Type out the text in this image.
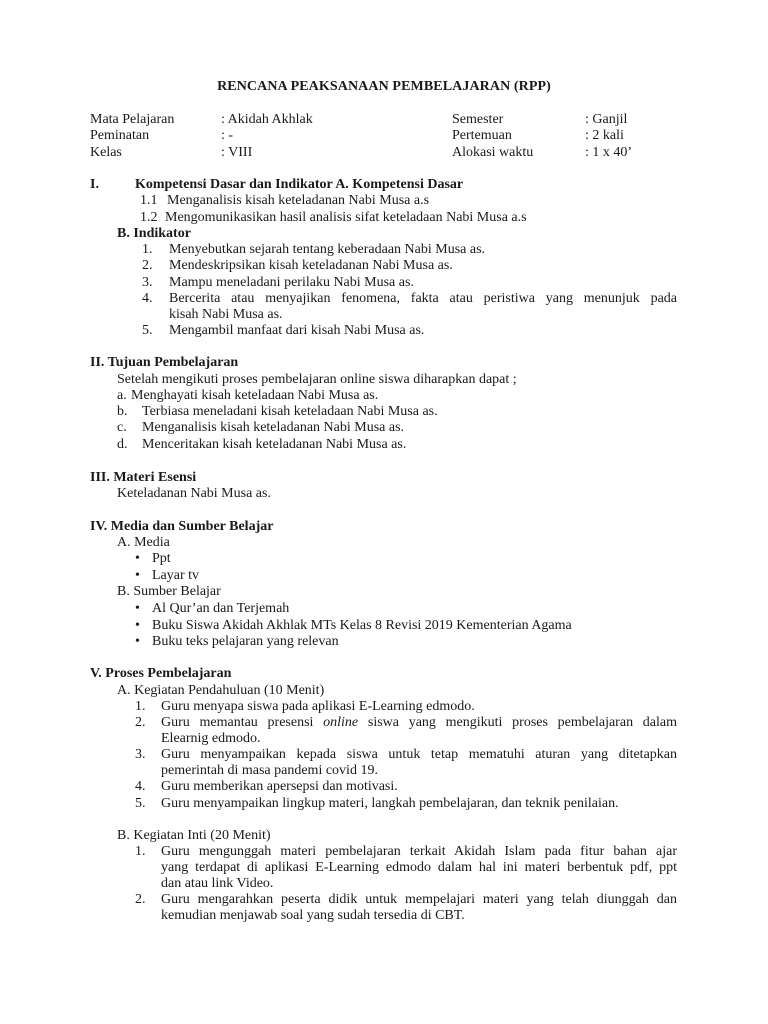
RENCANA PEAKSANAAN PEMBELAJARAN (RPP)
Mata Pelajaran	: Akidah Akhlak	Semester	: Ganjil
Peminatan	: -	Pertemuan	: 2 kali
Kelas	: VIII	Alokasi waktu	: 1 x 40’
I.	Kompetensi Dasar dan Indikator A. Kompetensi Dasar
1.1 Menganalisis kisah keteladanan Nabi Musa a.s
1.2 Mengomunikasikan hasil analisis sifat keteladaan Nabi Musa a.s
B. Indikator
1. Menyebutkan sejarah tentang keberadaan Nabi Musa as.
2. Mendeskripsikan kisah keteladanan Nabi Musa as.
3. Mampu meneladani perilaku Nabi Musa as.
4. Bercerita atau menyajikan fenomena, fakta atau peristiwa yang menunjuk pada
kisah Nabi Musa as.
5. Mengambil manfaat dari kisah Nabi Musa as.
II. Tujuan Pembelajaran
Setelah mengikuti proses pembelajaran online siswa diharapkan dapat ;
a. Menghayati kisah keteladaan Nabi Musa as.
b. Terbiasa meneladani kisah keteladaan Nabi Musa as.
c. Menganalisis kisah keteladanan Nabi Musa as.
d. Menceritakan kisah keteladanan Nabi Musa as.
III. Materi Esensi
Keteladanan Nabi Musa as.
IV. Media dan Sumber Belajar
A. Media
• Ppt
• Layar tv
B. Sumber Belajar
• Al Qur’an dan Terjemah
• Buku Siswa Akidah Akhlak MTs Kelas 8 Revisi 2019 Kementerian Agama
• Buku teks pelajaran yang relevan
V. Proses Pembelajaran
A. Kegiatan Pendahuluan (10 Menit)
1. Guru menyapa siswa pada aplikasi E-Learning edmodo.
2. Guru memantau presensi online siswa yang mengikuti proses pembelajaran dalam
Elearnig edmodo.
3. Guru menyampaikan kepada siswa untuk tetap mematuhi aturan yang ditetapkan
pemerintah di masa pandemi covid 19.
4. Guru memberikan apersepsi dan motivasi.
5. Guru menyampaikan lingkup materi, langkah pembelajaran, dan teknik penilaian.
B. Kegiatan Inti (20 Menit)
1. Guru mengunggah materi pembelajaran terkait Akidah Islam pada fitur bahan ajar
yang terdapat di aplikasi E-Learning edmodo dalam hal ini materi berbentuk pdf, ppt
dan atau link Video.
2. Guru mengarahkan peserta didik untuk mempelajari materi yang telah diunggah dan
kemudian menjawab soal yang sudah tersedia di CBT.
